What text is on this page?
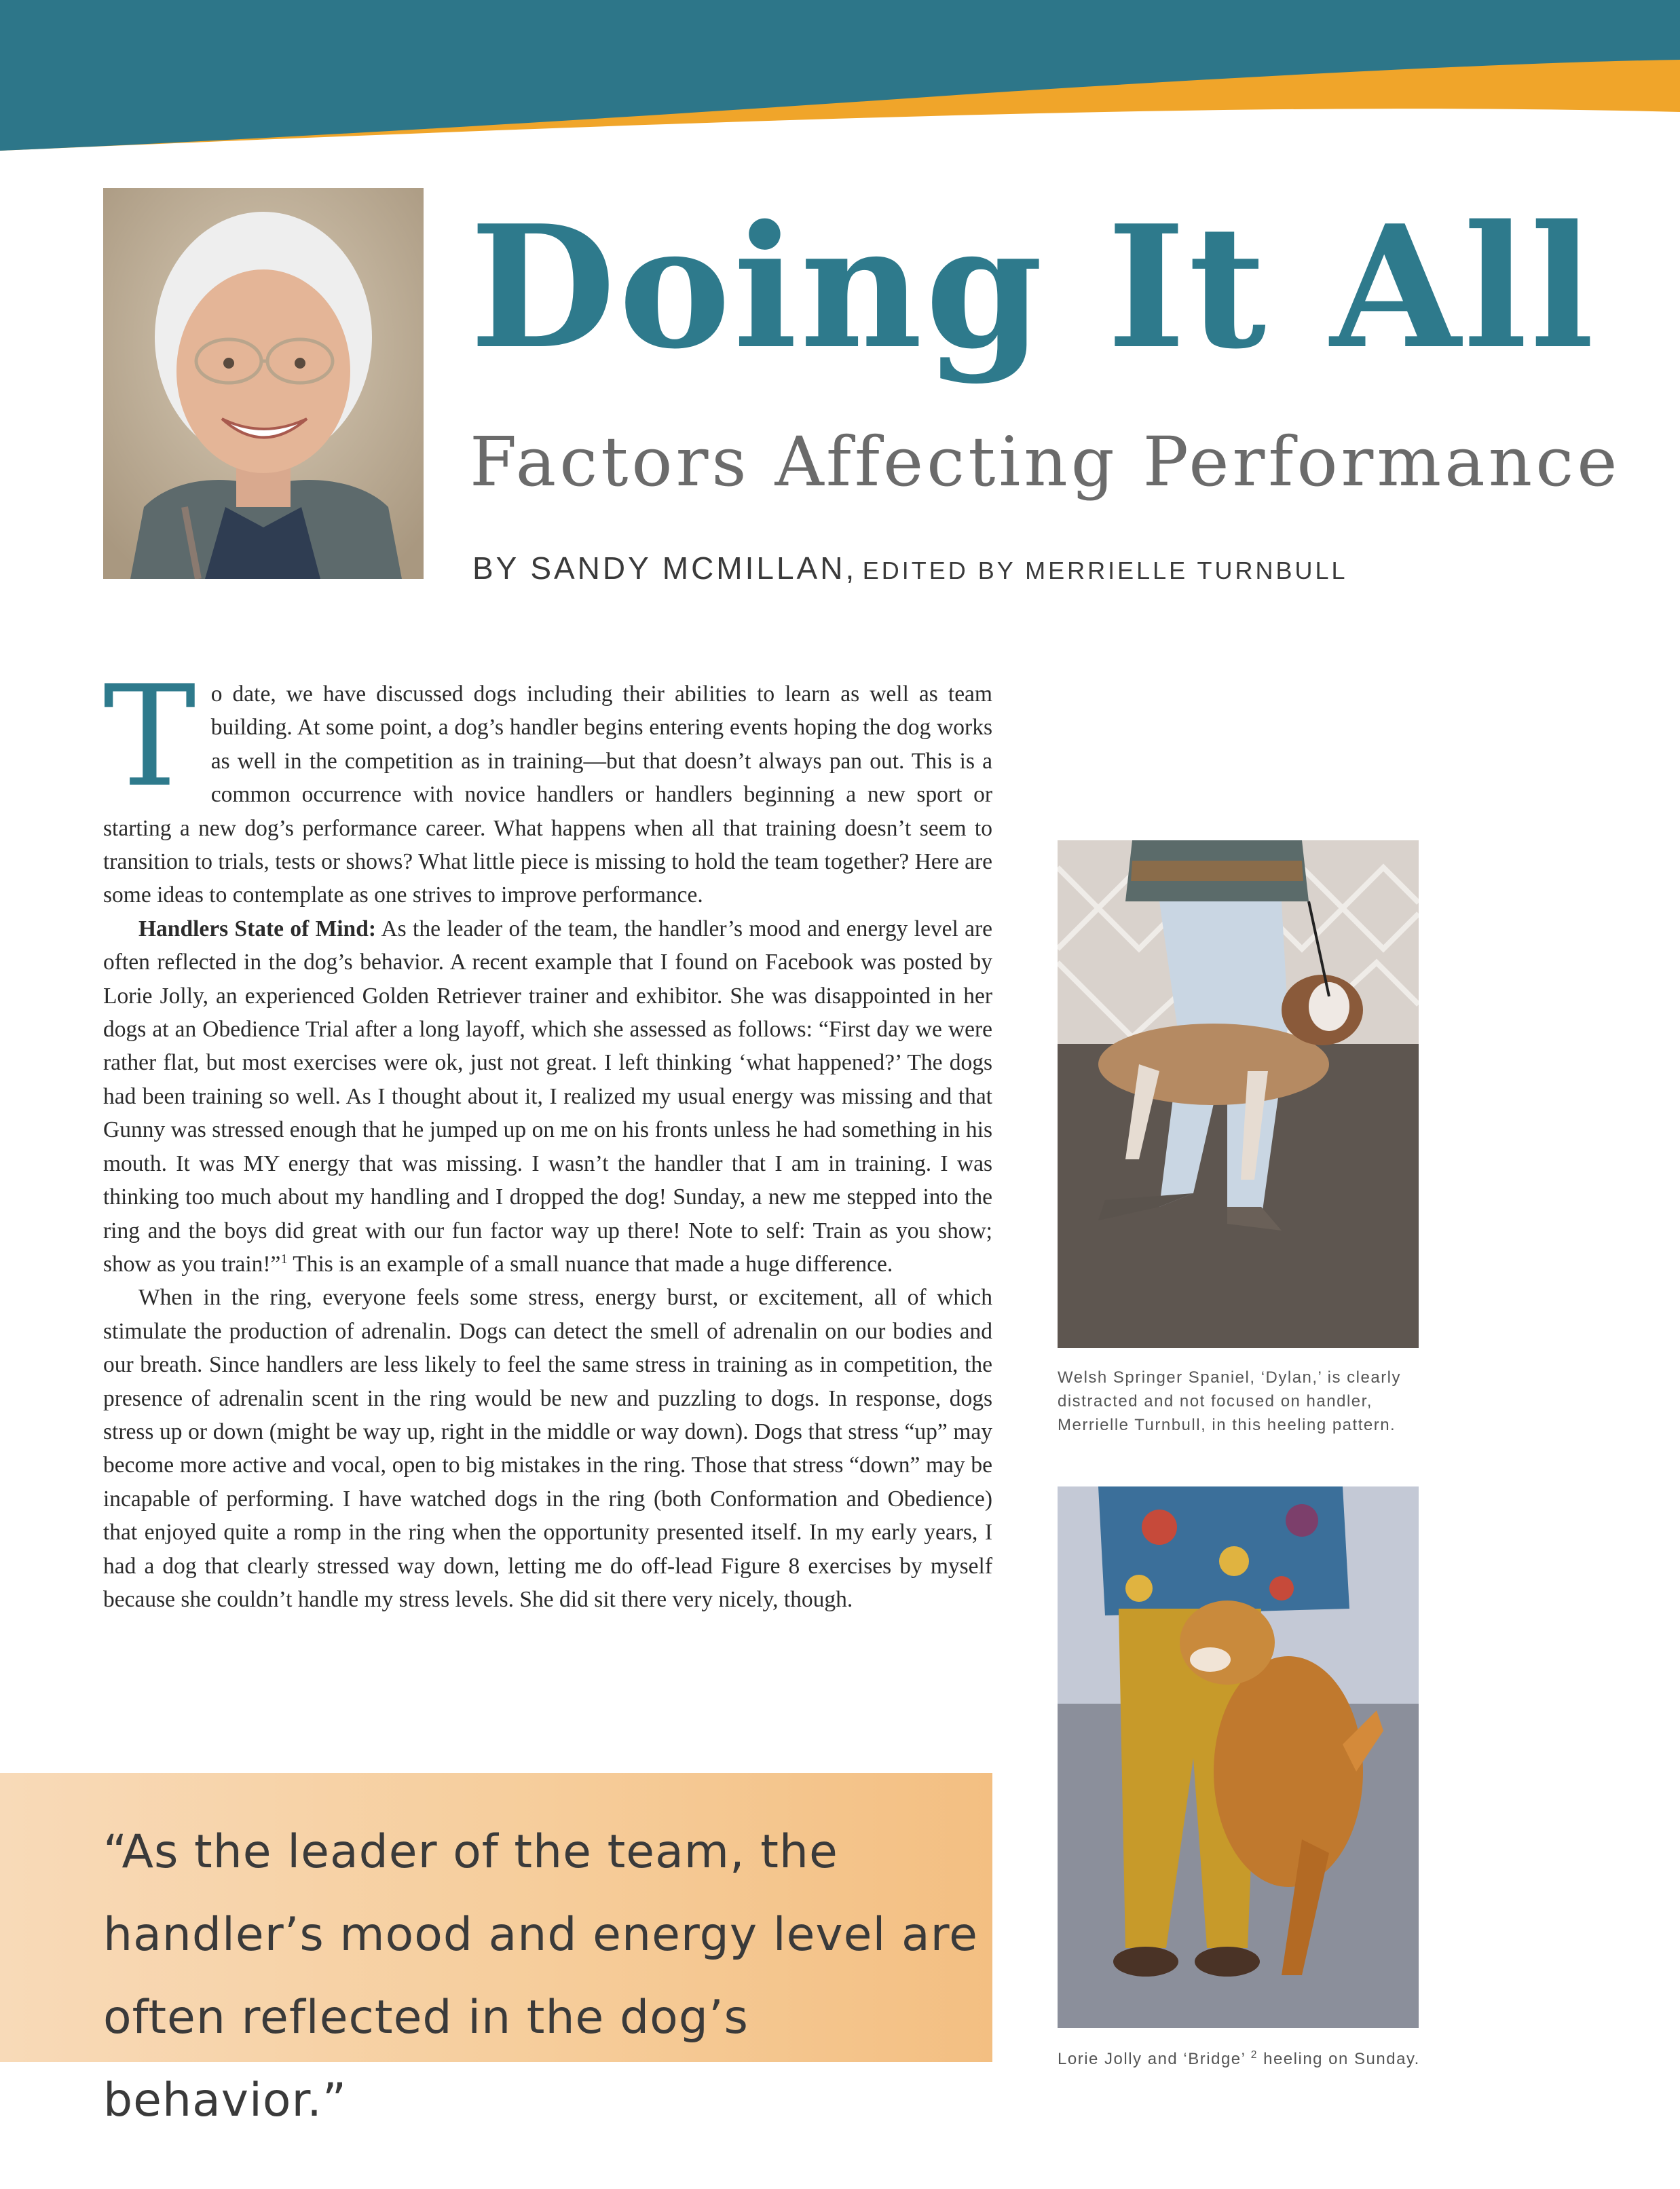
Doing It All
Factors Affecting Performance
BY SANDY MCMILLAN, EDITED BY MERRIELLE TURNBULL

To date, we have discussed dogs including their abilities to learn as well as team building. At some point, a dog’s handler begins entering events hoping the dog works as well in the competition as in training—but that doesn’t always pan out. This is a common occurrence with novice handlers or handlers beginning a new sport or starting a new dog’s performance career. What happens when all that training doesn’t seem to transition to trials, tests or shows? What little piece is missing to hold the team together? Here are some ideas to contemplate as one strives to improve performance.

Handlers State of Mind: As the leader of the team, the handler’s mood and energy level are often reflected in the dog’s behavior. A recent example that I found on Facebook was posted by Lorie Jolly, an experienced Golden Retriever trainer and exhibitor. She was disappointed in her dogs at an Obedience Trial after a long layoff, which she assessed as follows: “First day we were rather flat, but most exercises were ok, just not great. I left thinking ‘what happened?’ The dogs had been training so well. As I thought about it, I realized my usual energy was missing and that Gunny was stressed enough that he jumped up on me on his fronts unless he had something in his mouth. It was MY energy that was missing. I wasn’t the handler that I am in training. I was thinking too much about my handling and I dropped the dog! Sunday, a new me stepped into the ring and the boys did great with our fun factor way up there! Note to self: Train as you show; show as you train!”$^1$ This is an example of a small nuance that made a huge difference.

When in the ring, everyone feels some stress, energy burst, or excitement, all of which stimulate the production of adrenalin. Dogs can detect the smell of adrenalin on our bodies and our breath. Since handlers are less likely to feel the same stress in training as in competition, the presence of adrenalin scent in the ring would be new and puzzling to dogs. In response, dogs stress up or down (might be way up, right in the middle or way down). Dogs that stress “up” may become more active and vocal, open to big mistakes in the ring. Those that stress “down” may be incapable of performing. I have watched dogs in the ring (both Conformation and Obedience) that enjoyed quite a romp in the ring when the opportunity presented itself. In my early years, I had a dog that clearly stressed way down, letting me do off-lead Figure 8 exercises by myself because she couldn’t handle my stress levels. She did sit there very nicely, though.

Welsh Springer Spaniel, ‘Dylan,’ is clearly distracted and not focused on handler, Merrielle Turnbull, in this heeling pattern.
Lorie Jolly and ‘Bridge’ $^2$ heeling on Sunday.
“As the leader of the team, the handler’s mood and energy level are often reflected in the dog’s behavior.”
